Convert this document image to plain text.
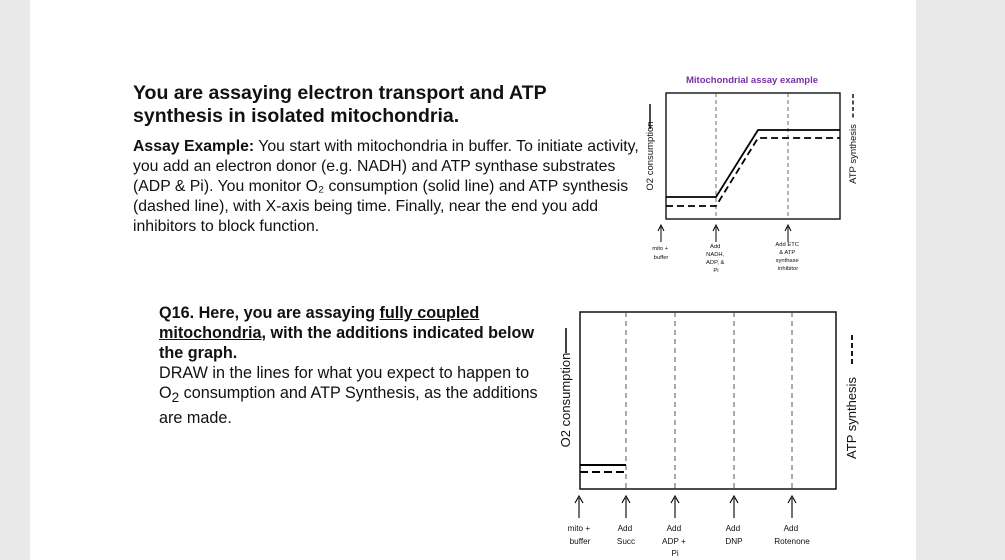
You are assaying electron transport and ATP synthesis in isolated mitochondria.

Assay Example: You start with mitochondria in buffer. To initiate activity, you add an electron donor (e.g. NADH) and ATP synthase substrates (ADP & Pi). You monitor O₂ consumption (solid line) and ATP synthesis (dashed line), with X-axis being time. Finally, near the end you add inhibitors to block function.

Mitochondrial assay example
O2 consumption	ATP synthesis
mito + buffer
Add NADH, ADP, & Pi
Add ETC & ATP synthase inhibitor
Q16. Here, you are assaying fully coupled mitochondria, with the additions indicated below the graph.
DRAW in the lines for what you expect to happen to $O_2$ consumption and ATP Synthesis, as the additions are made.	O2 consumption	ATP synthesis
mito + buffer
Add Succ
Add ADP + Pi
Add DNP
Add Rotenone
